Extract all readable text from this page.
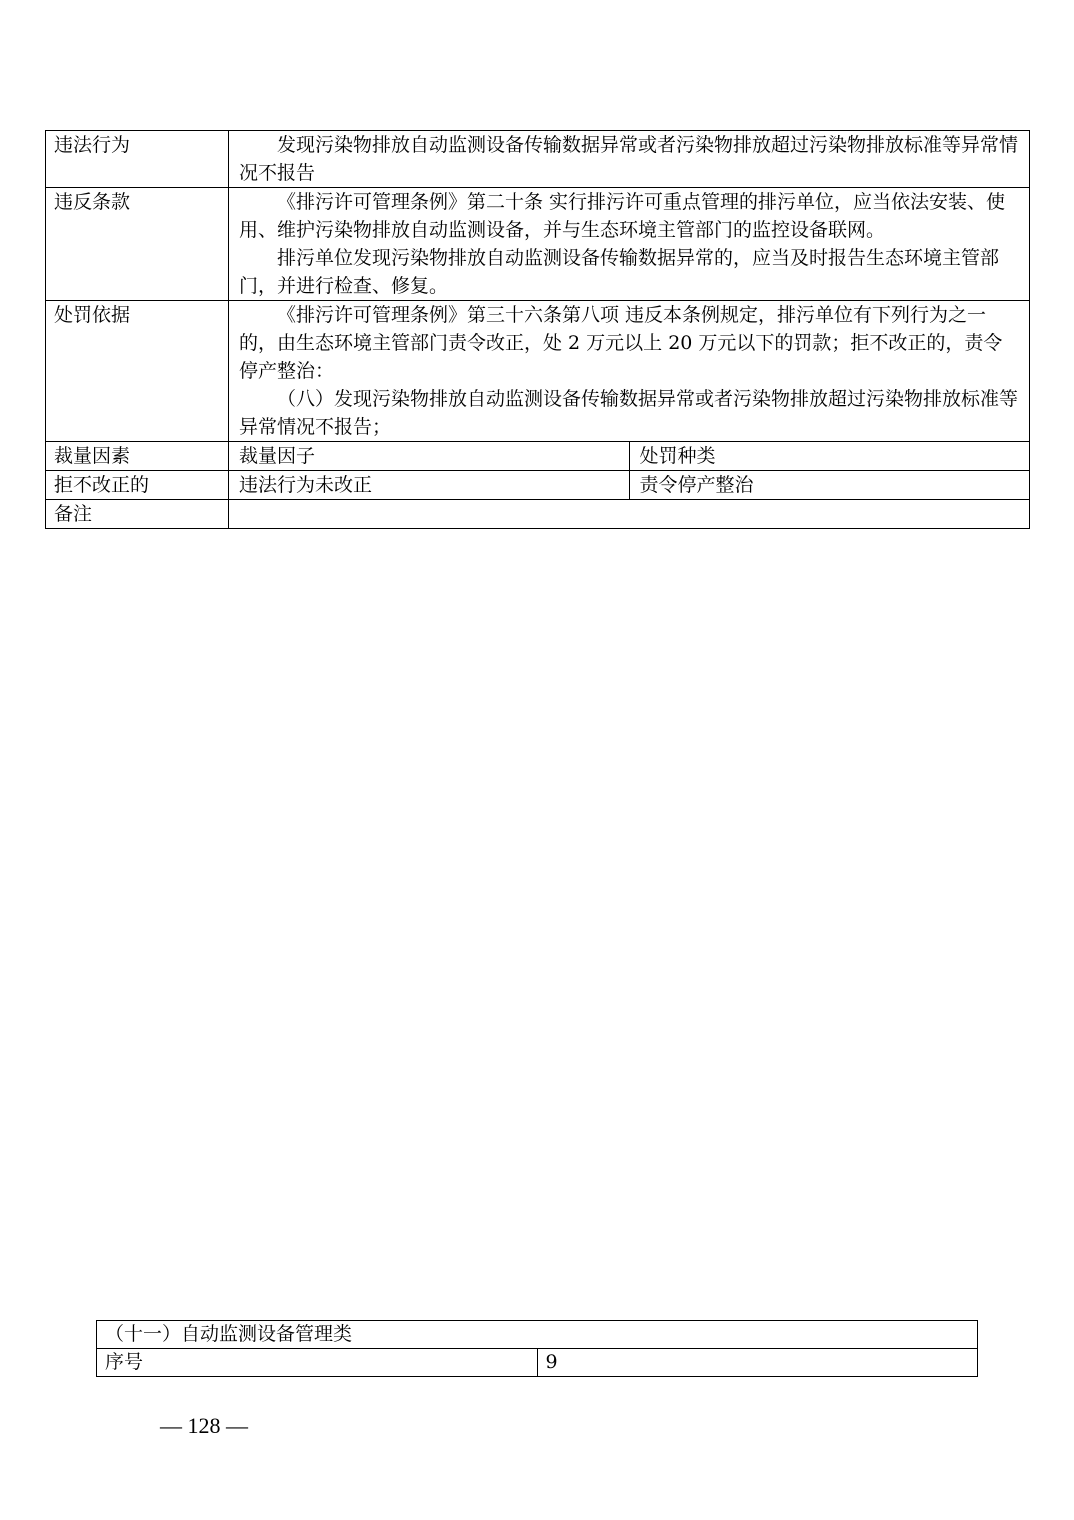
违法行为	发现污染物排放自动监测设备传输数据异常或者污染物排放超过污染物排放标准等异常情况不报告	

违反条款	《排污许可管理条例》第二十条 实行排污许可重点管理的排污单位，应当依法安装、使用、维护污染物排放自动监测设备，并与生态环境主管部门的监控设备联网。

排污单位发现污染物排放自动监测设备传输数据异常的，应当及时报告生态环境主管部门，并进行检查、修复。	

处罚依据	《排污许可管理条例》第三十六条第八项 违反本条例规定，排污单位有下列行为之一的，由生态环境主管部门责令改正，处 2 万元以上 20 万元以下的罚款；拒不改正的，责令停产整治：

（八）发现污染物排放自动监测设备传输数据异常或者污染物排放超过污染物排放标准等异常情况不报告；	

裁量因素	裁量因子	处罚种类
拒不改正的	违法行为未改正	责令停产整治
备注		
（十一）自动监测设备管理类
序号	9
— 128 —
